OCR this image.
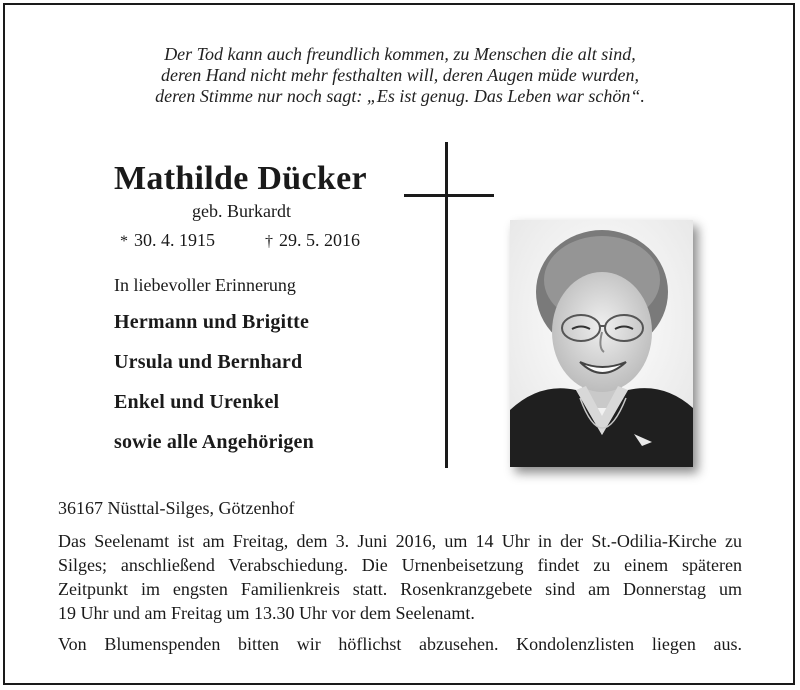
Der Tod kann auch freundlich kommen, zu Menschen die alt sind,
deren Hand nicht mehr festhalten will, deren Augen müde wurden,
deren Stimme nur noch sagt: „Es ist genug. Das Leben war schön“.
Mathilde Dücker
geb. Burkardt
* 30. 4. 1915	† 29. 5. 2016
In liebevoller Erinnerung
Hermann und Brigitte
Ursula und Bernhard
Enkel und Urenkel
sowie alle Angehörigen
36167 Nüsttal-Silges, Götzenhof
Das Seelenamt ist am Freitag, dem 3. Juni 2016, um 14 Uhr in der St.-Odilia-Kirche zu
Silges; anschließend Verabschiedung. Die Urnenbeisetzung findet zu einem späteren
Zeitpunkt im engsten Familienkreis statt. Rosenkranzgebete sind am Donnerstag um
19 Uhr und am Freitag um 13.30 Uhr vor dem Seelenamt.
Von Blumenspenden bitten wir höflichst abzusehen. Kondolenzlisten liegen aus.
